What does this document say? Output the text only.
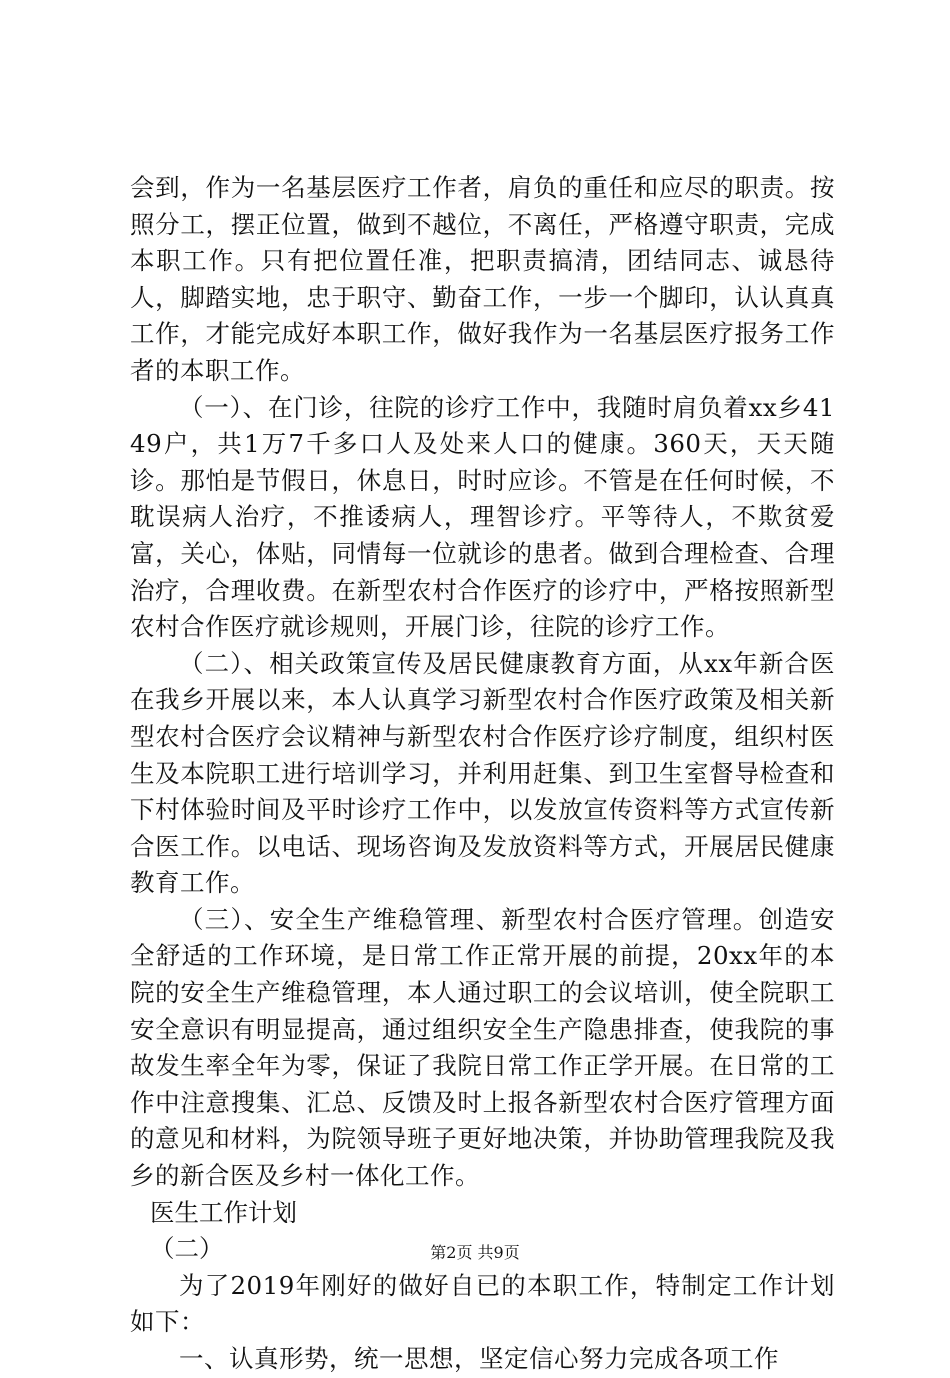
会到，作为一名基层医疗工作者，肩负的重任和应尽的职责。按照分工，摆正位置，做到不越位，不离任，严格遵守职责，完成本职工作。只有把位置任准，把职责搞清，团结同志、诚恳待人，脚踏实地，忠于职守、勤奋工作，一步一个脚印，认认真真工作，才能完成好本职工作，做好我作为一名基层医疗报务工作者的本职工作。

（一）、在门诊，往院的诊疗工作中，我随时肩负着xx乡4149户，共1万7千多口人及处来人口的健康。360天，天天随诊。那怕是节假日，休息日，时时应诊。不管是在任何时候，不耽误病人治疗，不推诿病人，理智诊疗。平等待人，不欺贫爱富，关心，体贴，同情每一位就诊的患者。做到合理检查、合理治疗，合理收费。在新型农村合作医疗的诊疗中，严格按照新型农村合作医疗就诊规则，开展门诊，往院的诊疗工作。

（二）、相关政策宣传及居民健康教育方面，从xx年新合医在我乡开展以来，本人认真学习新型农村合作医疗政策及相关新型农村合医疗会议精神与新型农村合作医疗诊疗制度，组织村医生及本院职工进行培训学习，并利用赶集、到卫生室督导检查和下村体验时间及平时诊疗工作中，以发放宣传资料等方式宣传新合医工作。以电话、现场咨询及发放资料等方式，开展居民健康教育工作。

（三）、安全生产维稳管理、新型农村合医疗管理。创造安全舒适的工作环境，是日常工作正常开展的前提，20xx年的本院的安全生产维稳管理，本人通过职工的会议培训，使全院职工安全意识有明显提高，通过组织安全生产隐患排查，使我院的事故发生率全年为零，保证了我院日常工作正学开展。在日常的工作中注意搜集、汇总、反馈及时上报各新型农村合医疗管理方面的意见和材料，为院领导班子更好地决策，并协助管理我院及我乡的新合医及乡村一体化工作。

医生工作计划

（二）

为了2019年刚好的做好自已的本职工作，特制定工作计划如下：

一、认真形势，统一思想，坚定信心努力完成各项工作

第2页 共9页
